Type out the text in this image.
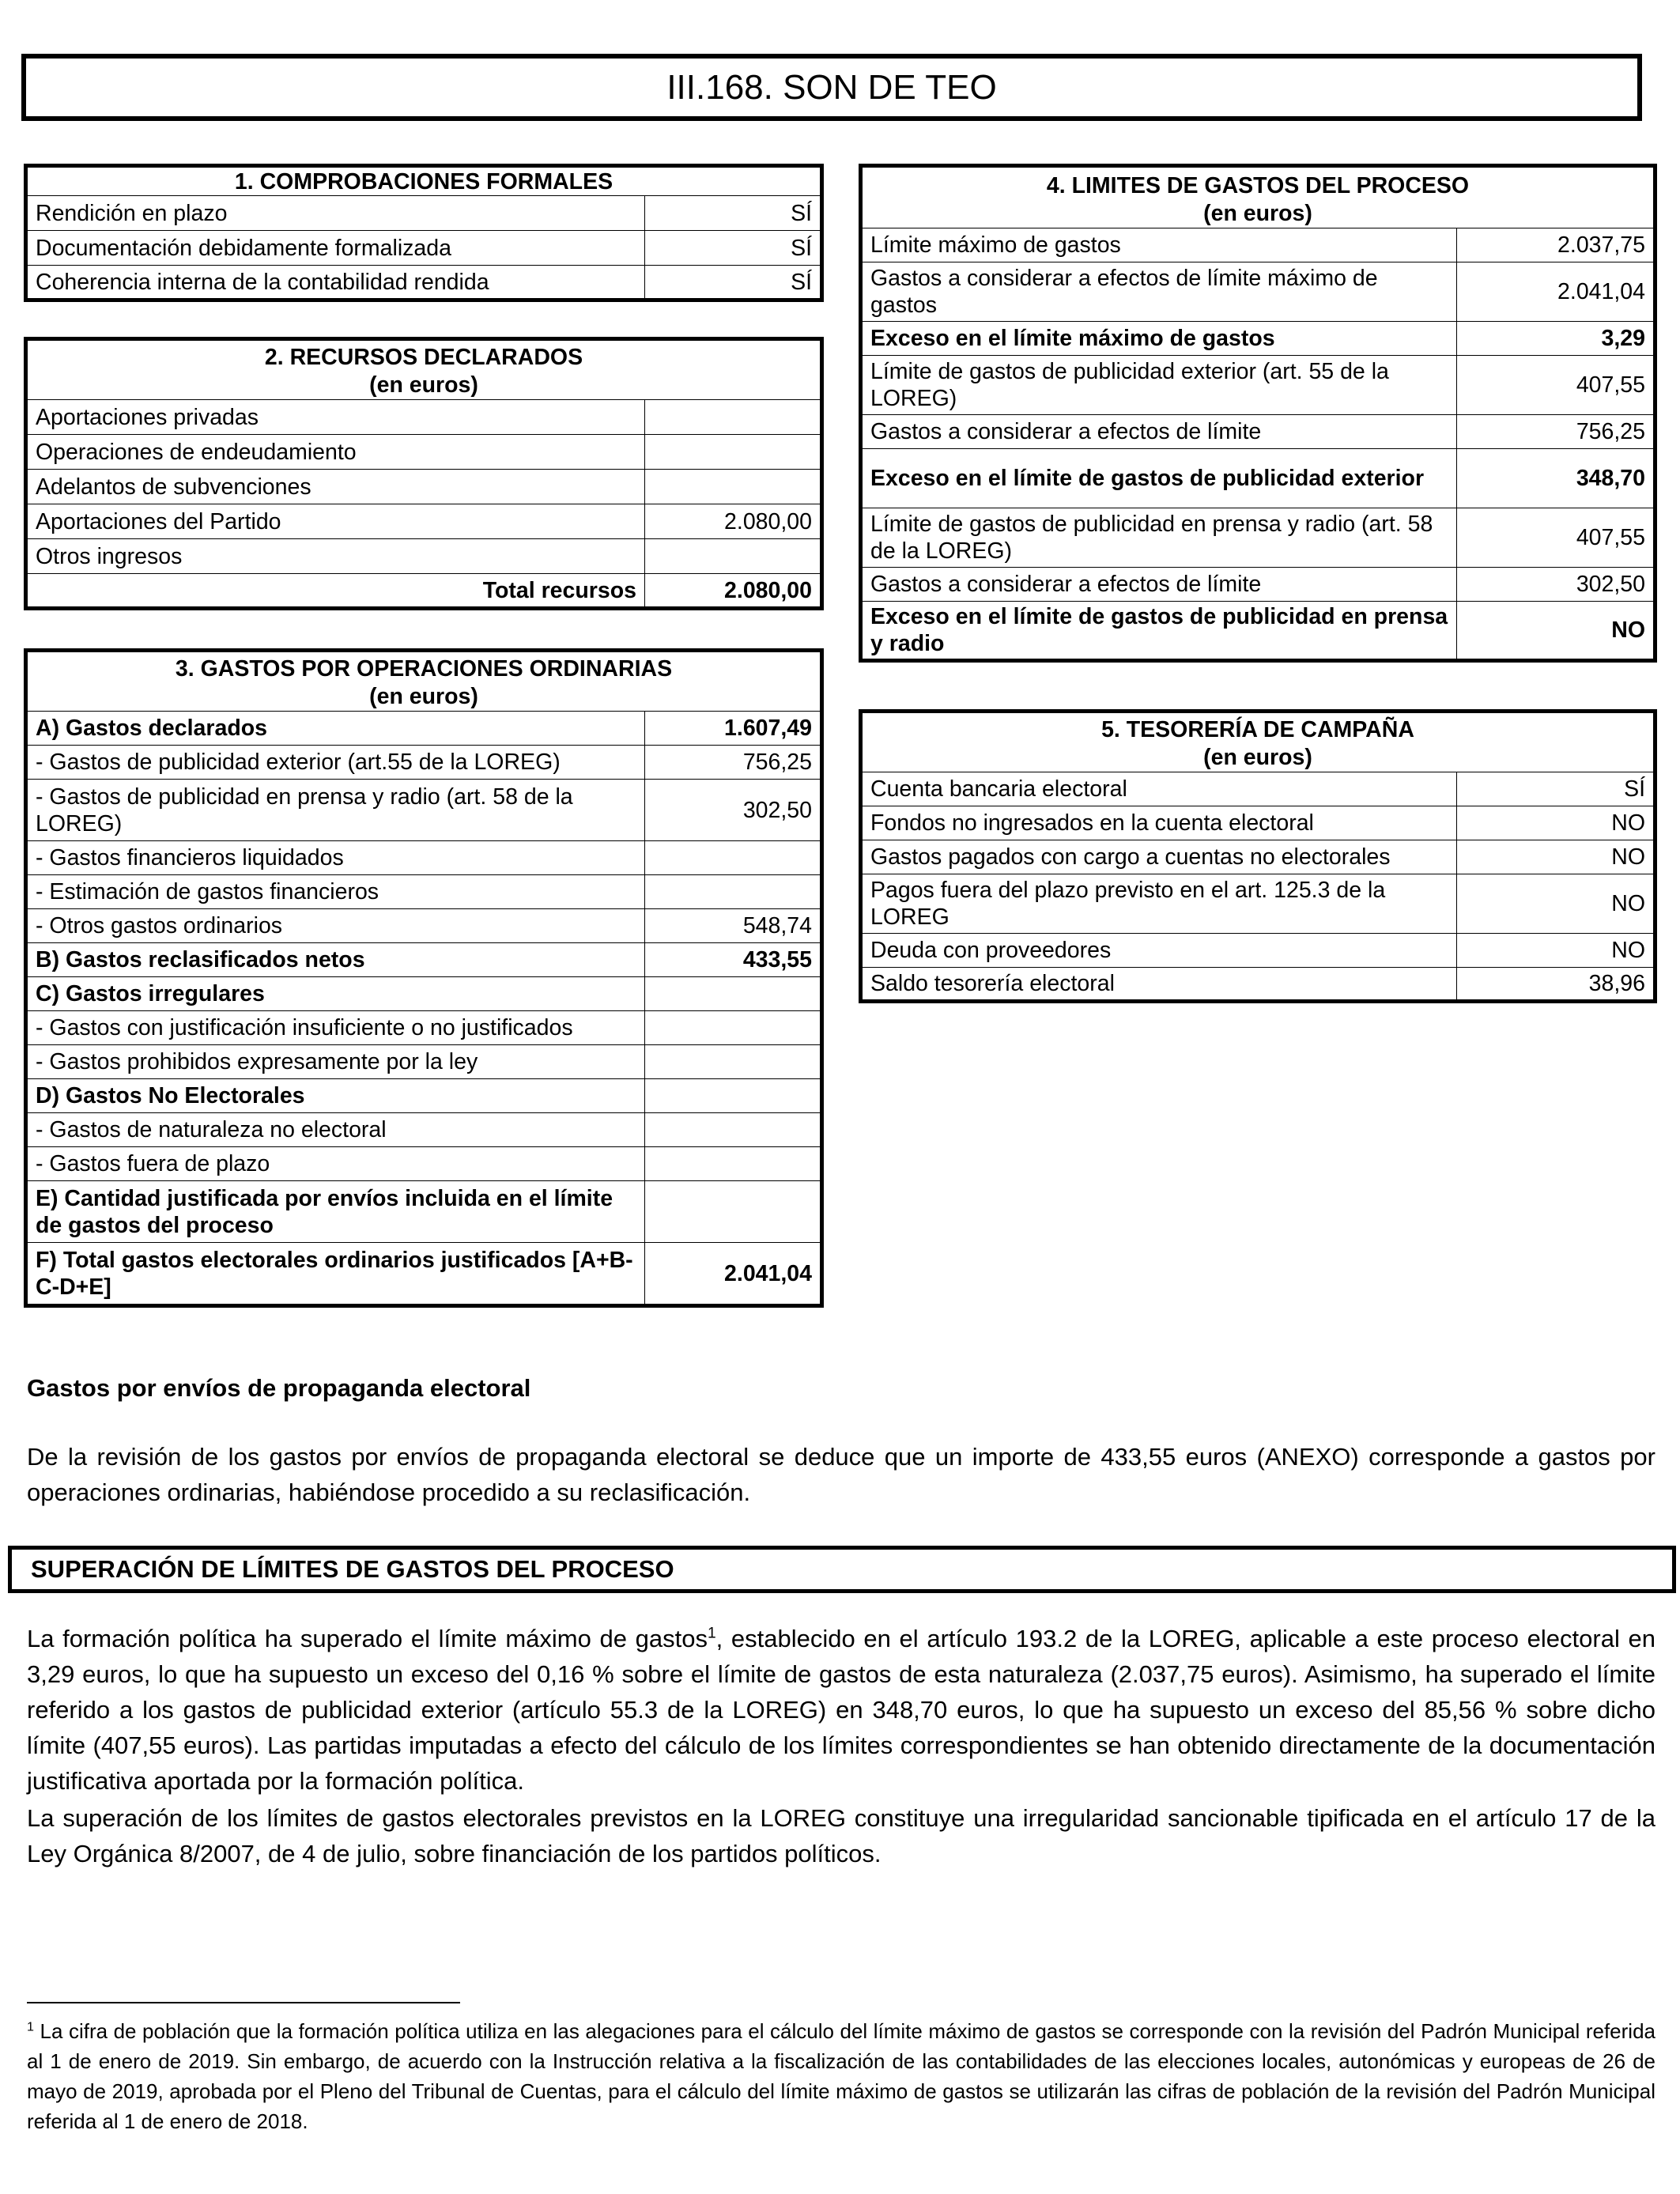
III.168. SON DE TEO
1. COMPROBACIONES FORMALES	
Rendición en plazo	SÍ
Documentación debidamente formalizada	SÍ
Coherencia interna de la contabilidad rendida	SÍ
2. RECURSOS DECLARADOS
(en euros)	

Aportaciones privadas	
Operaciones de endeudamiento	
Adelantos de subvenciones	
Aportaciones del Partido	2.080,00
Otros ingresos	
Total recursos	2.080,00
3. GASTOS POR OPERACIONES ORDINARIAS
(en euros)	

A) Gastos declarados	1.607,49
- Gastos de publicidad exterior (art.55 de la LOREG)	756,25
- Gastos de publicidad en prensa y radio (art. 58 de la LOREG)	302,50
- Gastos financieros liquidados	
- Estimación de gastos financieros	
- Otros gastos ordinarios	548,74
B) Gastos reclasificados netos	433,55
C) Gastos irregulares	
- Gastos con justificación insuficiente o no justificados	
- Gastos prohibidos expresamente por la ley	
D) Gastos No Electorales	
- Gastos de naturaleza no electoral	
- Gastos fuera de plazo	
E) Cantidad justificada por envíos incluida en el límite de gastos del proceso	
F) Total gastos electorales ordinarios justificados [A+B-C-D+E]	2.041,04
4. LIMITES DE GASTOS DEL PROCESO
(en euros)	

Límite máximo de gastos	2.037,75
Gastos a considerar a efectos de límite máximo de gastos	2.041,04
Exceso en el límite máximo de gastos	3,29
Límite de gastos de publicidad exterior (art. 55 de la LOREG)	407,55
Gastos a considerar a efectos de límite	756,25
Exceso en el límite de gastos de publicidad exterior	348,70
Límite de gastos de publicidad en prensa y radio (art. 58 de la LOREG)	407,55
Gastos a considerar a efectos de límite	302,50
Exceso en el límite de gastos de publicidad en prensa y radio	NO
5. TESORERÍA DE CAMPAÑA
(en euros)	

Cuenta bancaria electoral	SÍ
Fondos no ingresados en la cuenta electoral	NO
Gastos pagados con cargo a cuentas no electorales	NO
Pagos fuera del plazo previsto en el art. 125.3 de la LOREG	NO
Deuda con proveedores	NO
Saldo tesorería electoral	38,96
Gastos por envíos de propaganda electoral

De la revisión de los gastos por envíos de propaganda electoral se deduce que un importe de 433,55 euros (ANEXO) corresponde a gastos por operaciones ordinarias, habiéndose procedido a su reclasificación.

SUPERACIÓN DE LÍMITES DE GASTOS DEL PROCESO

La formación política ha superado el límite máximo de gastos$^1$, establecido en el artículo 193.2 de la LOREG, aplicable a este proceso electoral en 3,29 euros, lo que ha supuesto un exceso del 0,16 % sobre el límite de gastos de esta naturaleza (2.037,75 euros). Asimismo, ha superado el límite referido a los gastos de publicidad exterior (artículo 55.3 de la LOREG) en 348,70 euros, lo que ha supuesto un exceso del 85,56 % sobre dicho límite (407,55 euros). Las partidas imputadas a efecto del cálculo de los límites correspondientes se han obtenido directamente de la documentación justificativa aportada por la formación política.

La superación de los límites de gastos electorales previstos en la LOREG constituye una irregularidad sancionable tipificada en el artículo 17 de la Ley Orgánica 8/2007, de 4 de julio, sobre financiación de los partidos políticos.

$^1$ La cifra de población que la formación política utiliza en las alegaciones para el cálculo del límite máximo de gastos se corresponde con la revisión del Padrón Municipal referida al 1 de enero de 2019. Sin embargo, de acuerdo con la Instrucción relativa a la fiscalización de las contabilidades de las elecciones locales, autonómicas y europeas de 26 de mayo de 2019, aprobada por el Pleno del Tribunal de Cuentas, para el cálculo del límite máximo de gastos se utilizarán las cifras de población de la revisión del Padrón Municipal referida al 1 de enero de 2018.
